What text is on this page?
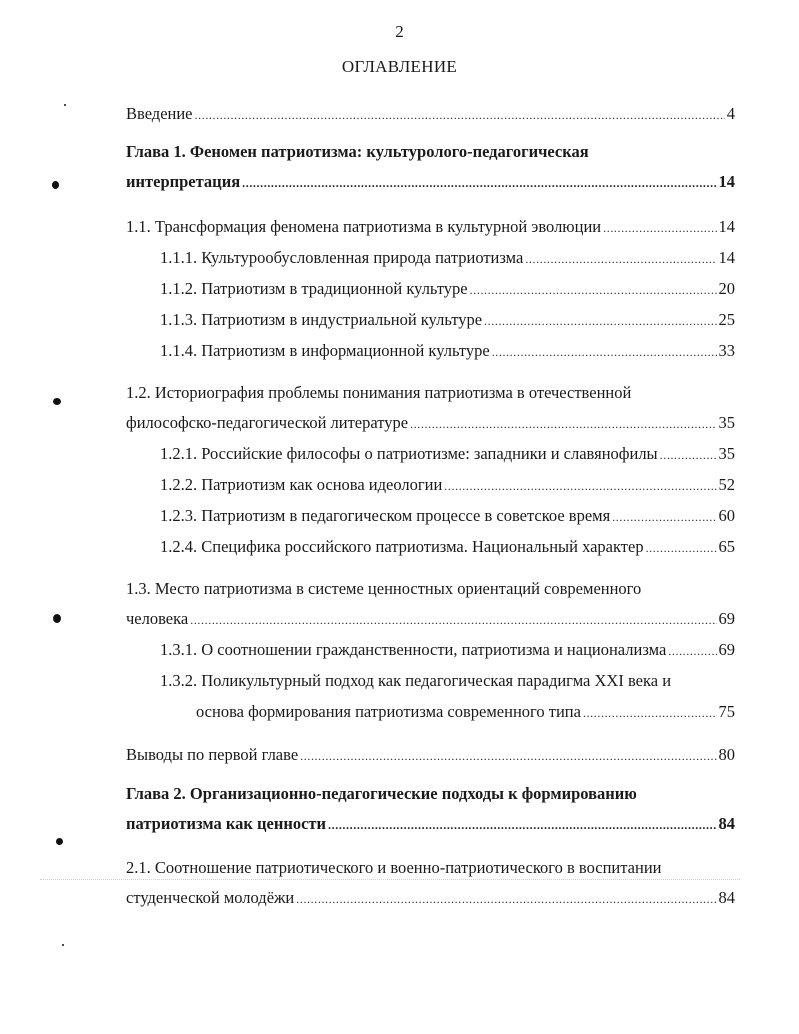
2
ОГЛАВЛЕНИЕ
Введение .....	4
Глава 1. Феномен патриотизма: культуролого-педагогическая
интерпретация .....	14
1.1. Трансформация феномена патриотизма в культурной эволюции .....	14
1.1.1. Культурообусловленная природа патриотизма .....	14
1.1.2. Патриотизм в традиционной культуре .....	20
1.1.3. Патриотизм в индустриальной культуре .....	25
1.1.4. Патриотизм в информационной культуре .....	33
1.2. Историография проблемы понимания патриотизма в отечественной
философско-педагогической литературе .....	35
1.2.1. Российские философы о патриотизме: западники и славянофилы .....	35
1.2.2. Патриотизм как основа идеологии .....	52
1.2.3. Патриотизм в педагогическом процессе в советское время .....	60
1.2.4. Специфика российского патриотизма. Национальный характер .....	65
1.3. Место патриотизма в системе ценностных ориентаций современного
человека .....	69
1.3.1. О соотношении гражданственности, патриотизма и национализма .....	69
1.3.2. Поликультурный подход как педагогическая парадигма XXI века и
основа формирования патриотизма современного типа .....	75
Выводы по первой главе .....	80
Глава 2. Организационно-педагогические подходы к формированию
патриотизма как ценности .....	84
2.1. Соотношение патриотического и военно-патриотического в воспитании
студенческой молодёжи .....	84
